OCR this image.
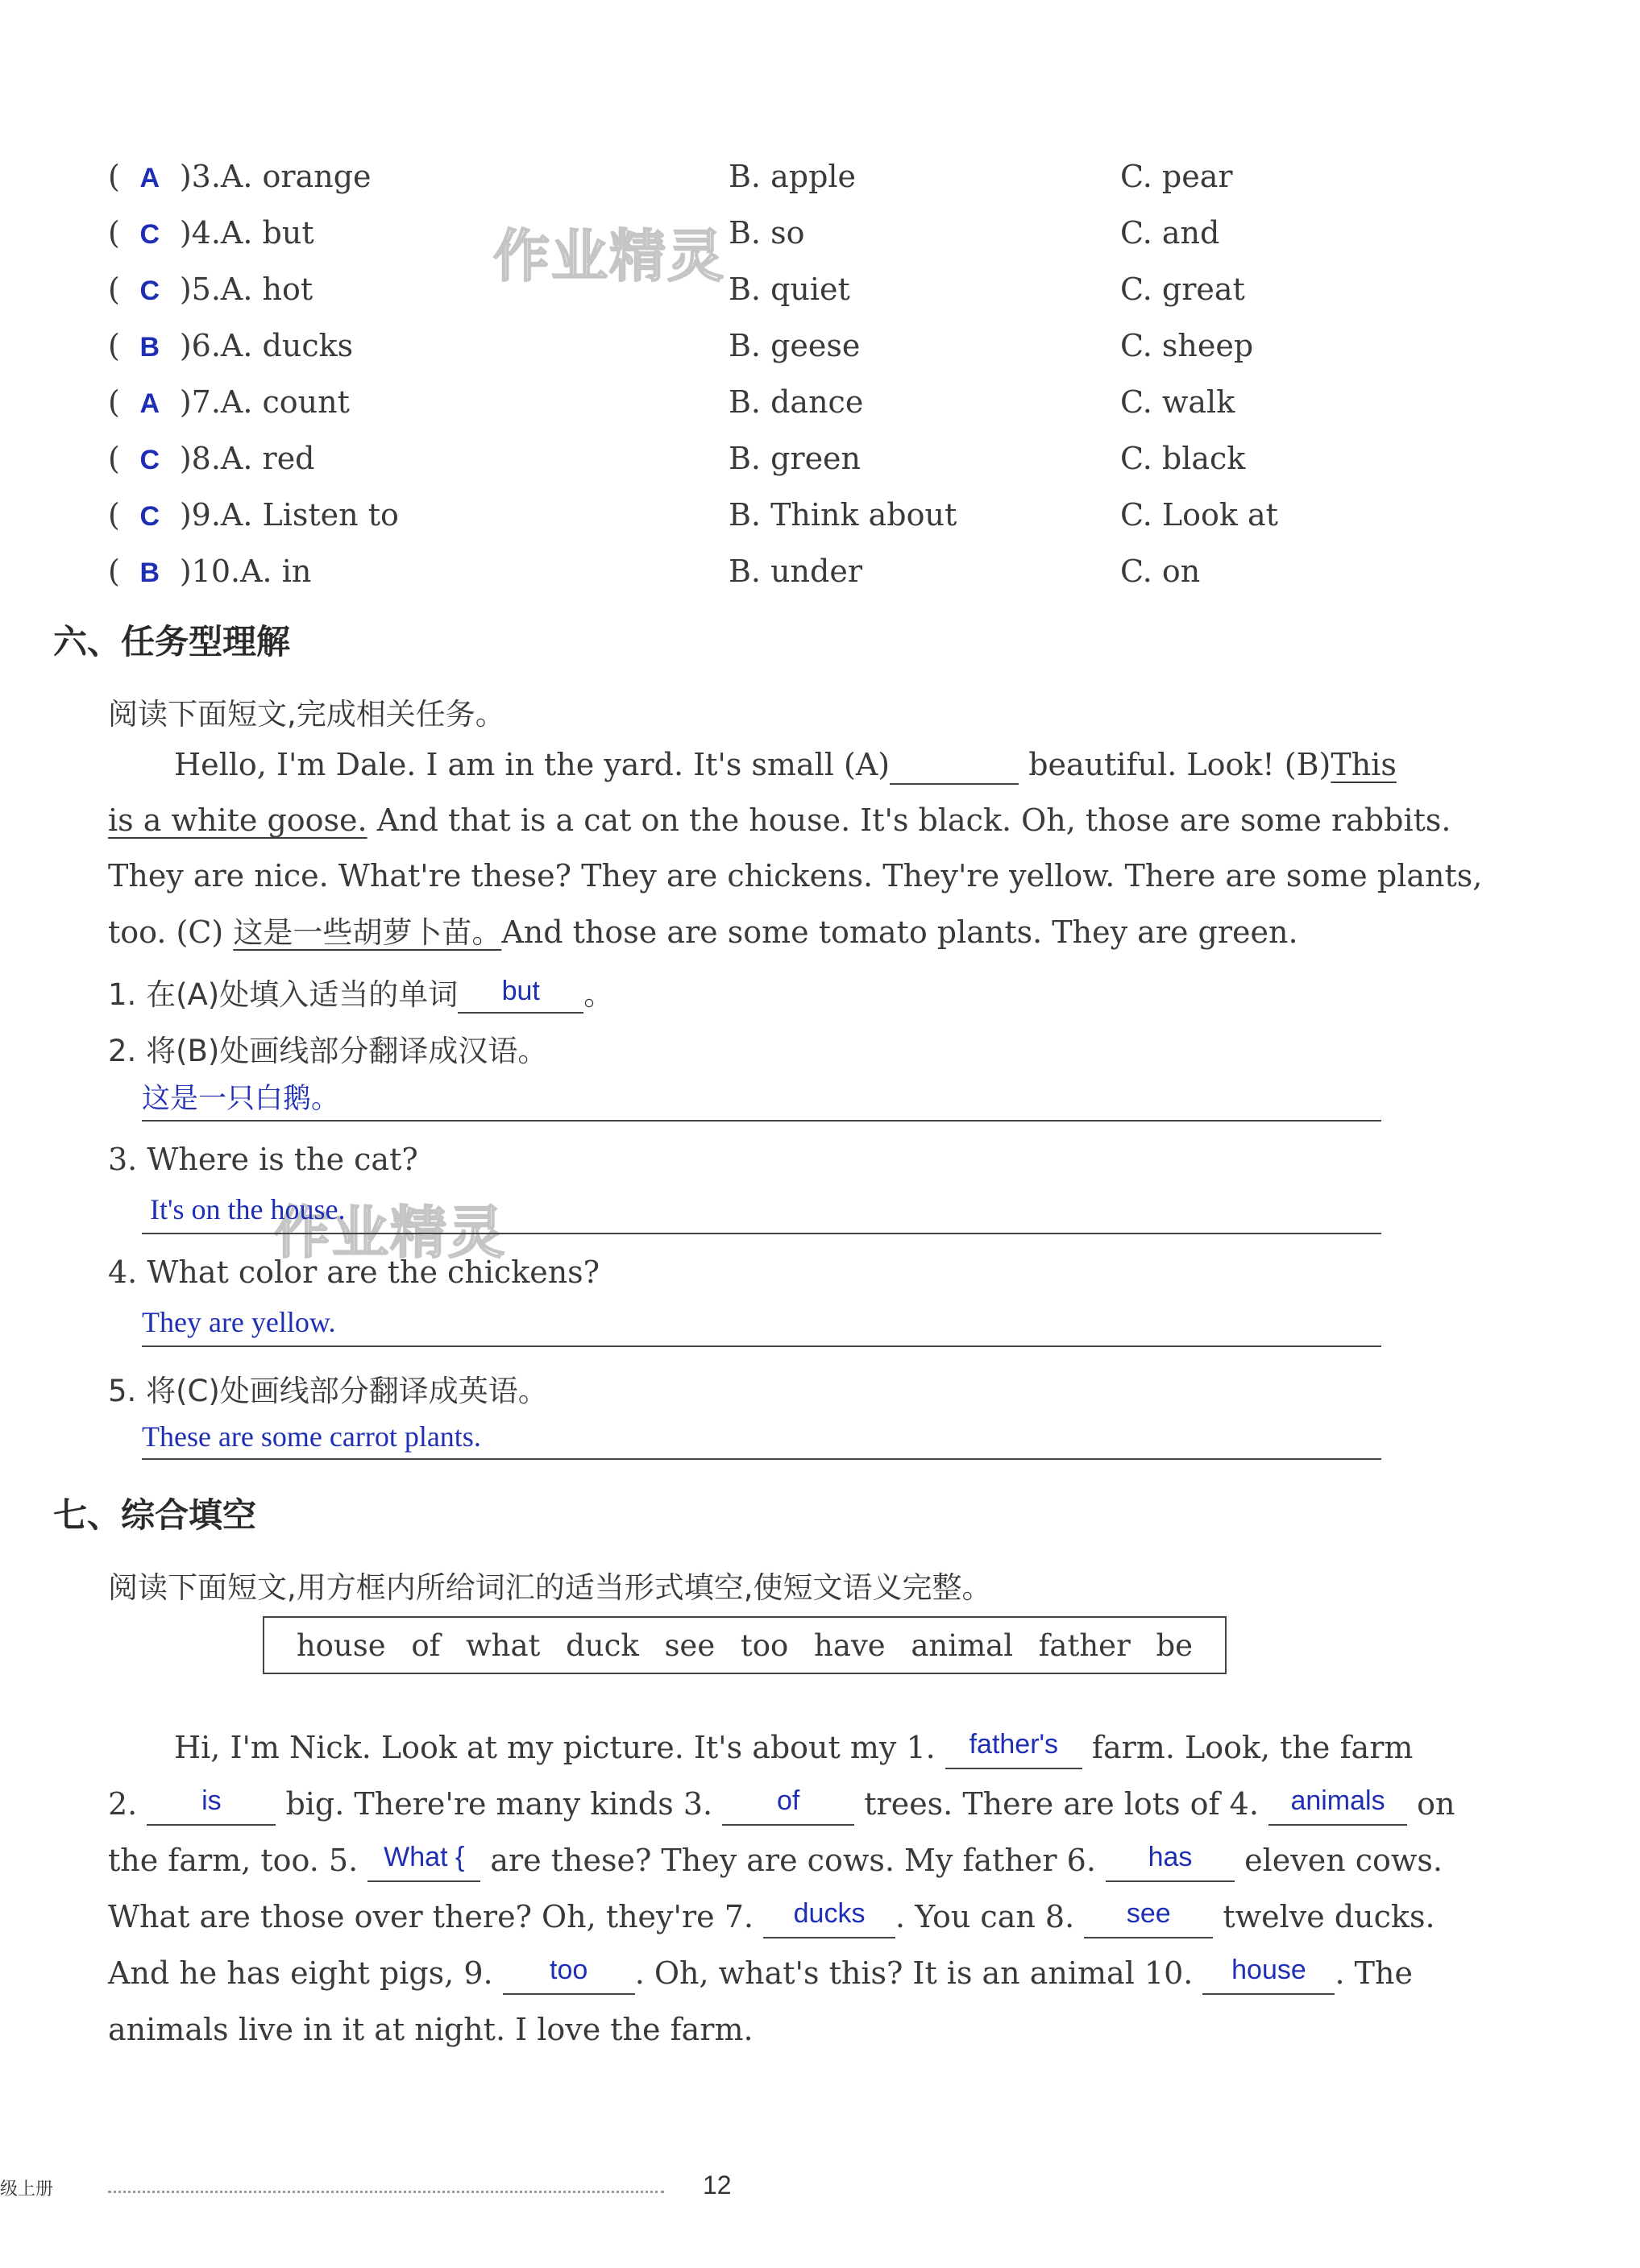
作业精灵
作业精灵
( A )3.A. orange	B. apple	C. pear
( C )4.A. but	B. so	C. and
( C )5.A. hot	B. quiet	C. great
( B )6.A. ducks	B. geese	C. sheep
( A )7.A. count	B. dance	C. walk
( C )8.A. red	B. green	C. black
( C )9.A. Listen to	B. Think about	C. Look at
( B )10.A. in	B. under	C. on
六、任务型理解
阅读下面短文,完成相关任务。
Hello, I'm Dale. I am in the yard. It's small (A)	beautiful. Look! (B)This
is a white goose. And that is a cat on the house. It's black. Oh, those are some rabbits.
They are nice. What're these? They are chickens. They're yellow. There are some plants,
too. (C) 这是一些胡萝卜苗。And those are some tomato plants. They are green.
1. 在(A)处填入适当的单词 but 。
2. 将(B)处画线部分翻译成汉语。
这是一只白鹅。
3. Where is the cat?
It's on the house.
4. What color are the chickens?
They are yellow.
5. 将(C)处画线部分翻译成英语。
These are some carrot plants.
七、综合填空
阅读下面短文,用方框内所给词汇的适当形式填空,使短文语义完整。
house of what duck see too have animal father be
Hi, I'm Nick. Look at my picture. It's about my 1. father's farm. Look, the farm
2. is big. There're many kinds 3. of trees. There are lots of 4. animals on
the farm, too. 5. What { are these? They are cows. My father 6. has eleven cows.
What are those over there? Oh, they're 7. ducks . You can 8. see twelve ducks.
And he has eight pigs, 9. too . Oh, what's this? It is an animal 10. house . The
animals live in it at night. I love the farm.
级上册	12
